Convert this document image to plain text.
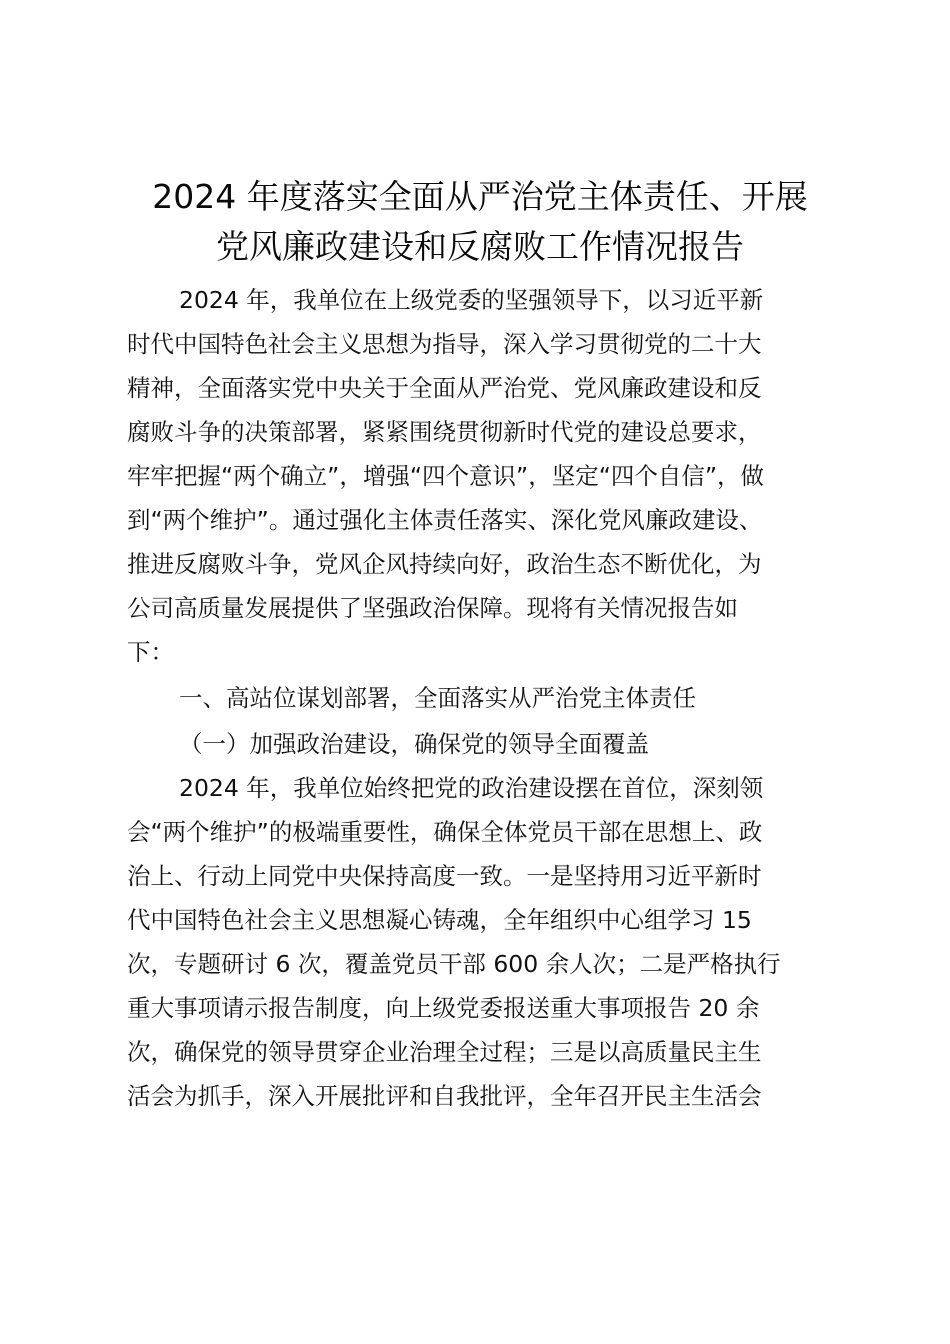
2024 年度落实全面从严治党主体责任、开展
党风廉政建设和反腐败工作情况报告
2024 年，我单位在上级党委的坚强领导下，以习近平新
时代中国特色社会主义思想为指导，深入学习贯彻党的二十大
精神，全面落实党中央关于全面从严治党、党风廉政建设和反
腐败斗争的决策部署，紧紧围绕贯彻新时代党的建设总要求，
牢牢把握“两个确立”，增强“四个意识”，坚定“四个自信”，做
到“两个维护”。通过强化主体责任落实、深化党风廉政建设、
推进反腐败斗争，党风企风持续向好，政治生态不断优化，为
公司高质量发展提供了坚强政治保障。现将有关情况报告如
下：
一、高站位谋划部署，全面落实从严治党主体责任
（一）加强政治建设，确保党的领导全面覆盖
2024 年，我单位始终把党的政治建设摆在首位，深刻领
会“两个维护”的极端重要性，确保全体党员干部在思想上、政
治上、行动上同党中央保持高度一致。一是坚持用习近平新时
代中国特色社会主义思想凝心铸魂，全年组织中心组学习 15
次，专题研讨 6 次，覆盖党员干部 600 余人次；二是严格执行
重大事项请示报告制度，向上级党委报送重大事项报告 20 余
次，确保党的领导贯穿企业治理全过程；三是以高质量民主生
活会为抓手，深入开展批评和自我批评，全年召开民主生活会
